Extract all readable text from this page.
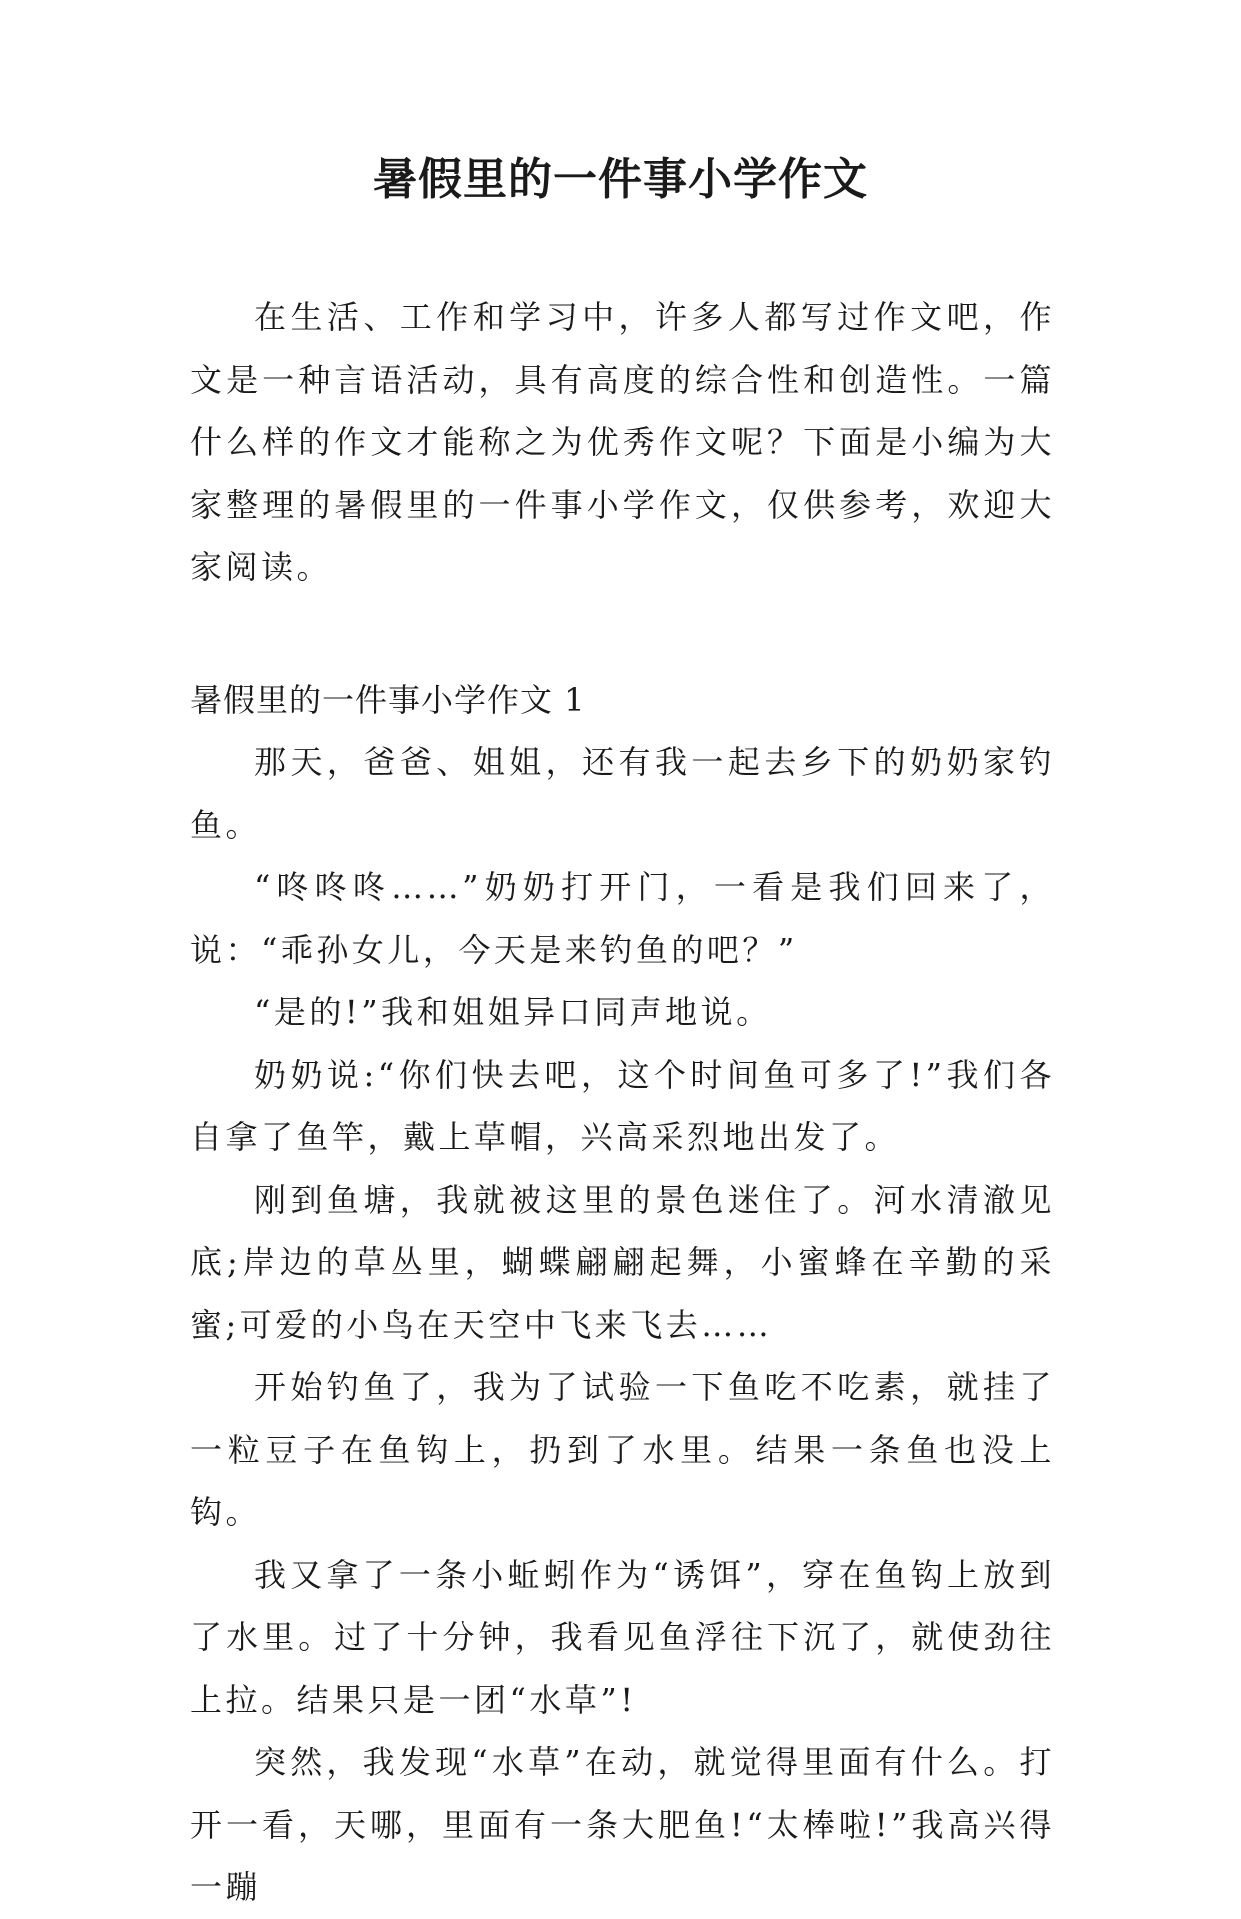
暑假里的一件事小学作文

在生活、工作和学习中，许多人都写过作文吧，作文是一种言语活动，具有高度的综合性和创造性。一篇什么样的作文才能称之为优秀作文呢？下面是小编为大家整理的暑假里的一件事小学作文，仅供参考，欢迎大家阅读。

暑假里的一件事小学作文 1

那天，爸爸、姐姐，还有我一起去乡下的奶奶家钓鱼。

“咚咚咚……”奶奶打开门，一看是我们回来了，说：“乖孙女儿，今天是来钓鱼的吧？”

“是的!”我和姐姐异口同声地说。

奶奶说:“你们快去吧，这个时间鱼可多了!”我们各自拿了鱼竿，戴上草帽，兴高采烈地出发了。

刚到鱼塘，我就被这里的景色迷住了。河水清澈见底;岸边的草丛里，蝴蝶翩翩起舞，小蜜蜂在辛勤的采蜜;可爱的小鸟在天空中飞来飞去……

开始钓鱼了，我为了试验一下鱼吃不吃素，就挂了一粒豆子在鱼钩上，扔到了水里。结果一条鱼也没上钩。

我又拿了一条小蚯蚓作为“诱饵”，穿在鱼钩上放到了水里。过了十分钟，我看见鱼浮往下沉了，就使劲往上拉。结果只是一团“水草”!

突然，我发现“水草”在动，就觉得里面有什么。打开一看，天哪，里面有一条大肥鱼!“太棒啦!”我高兴得一蹦
